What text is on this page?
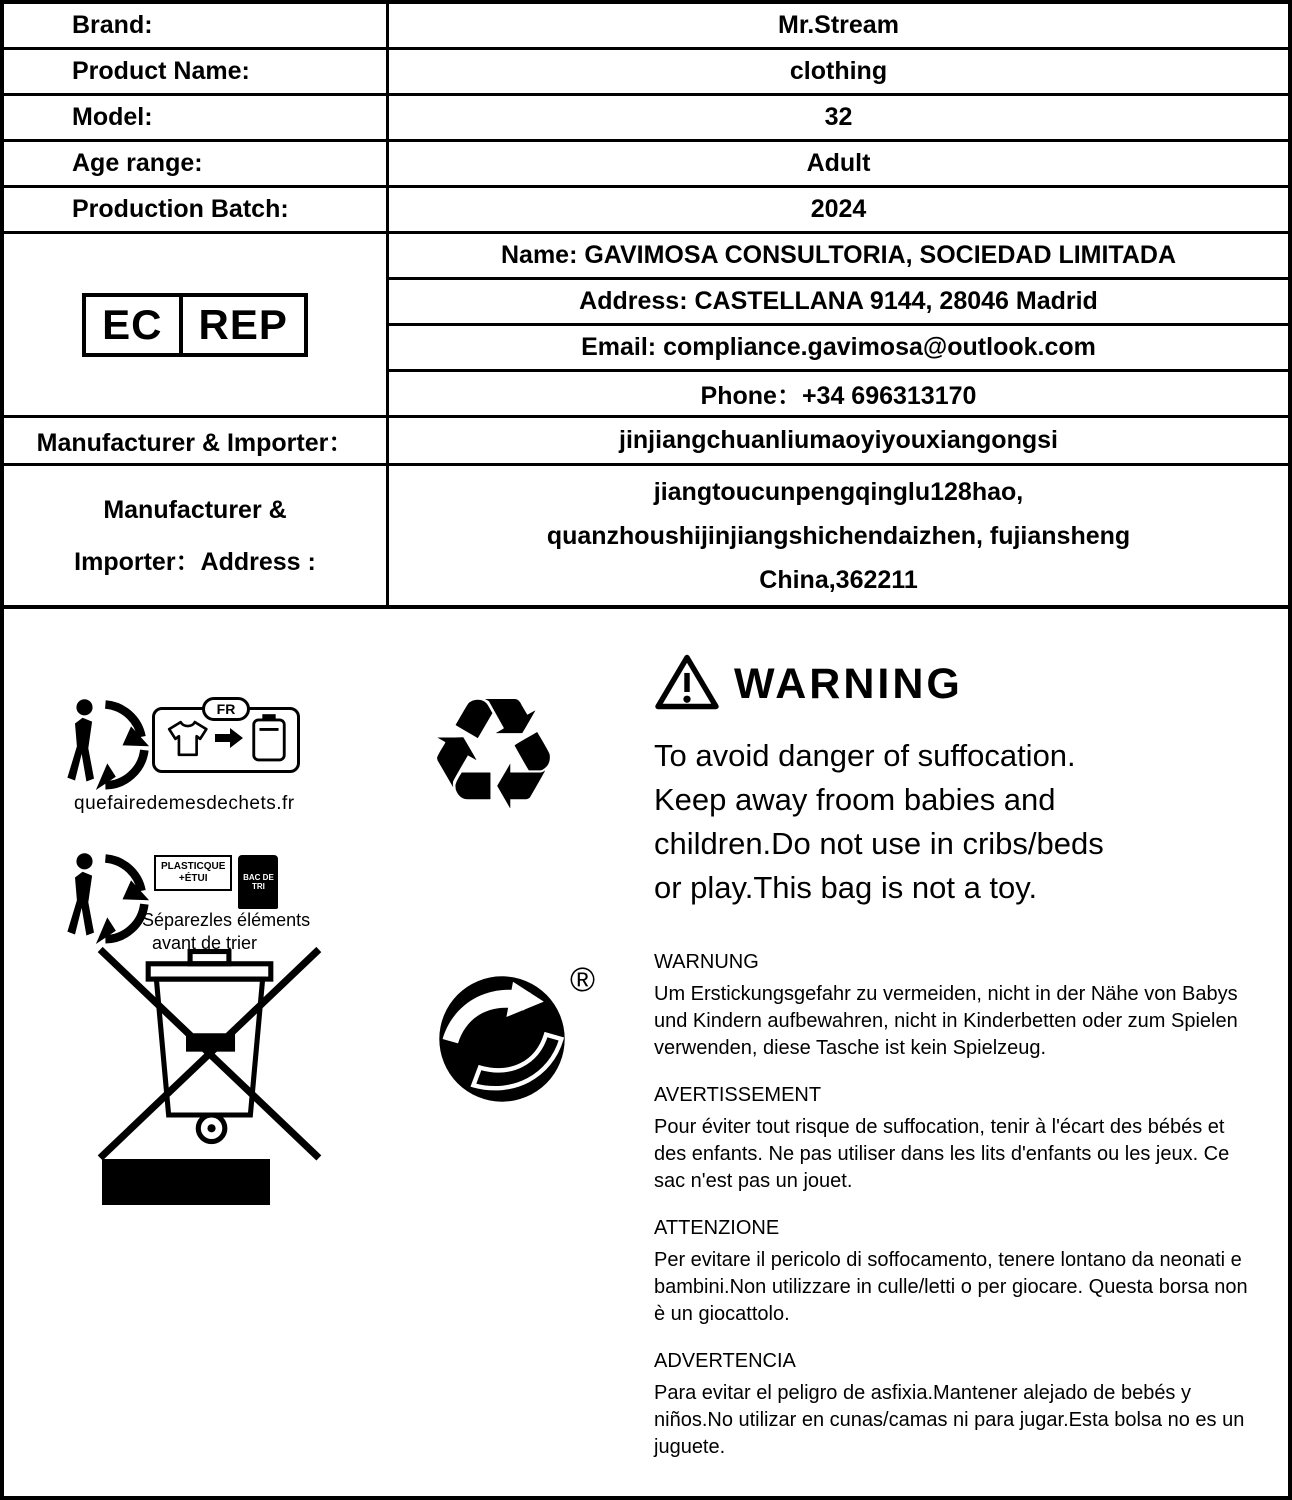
Brand:	Mr.Stream
Product Name:	clothing
Model:	32
Age range:	Adult
Production Batch:	2024
EC REP
Name: GAVIMOSA CONSULTORIA, SOCIEDAD LIMITADA
Address: CASTELLANA 9144, 28046 Madrid
Email: compliance.gavimosa@outlook.com
Phone：+34 696313170
Manufacturer & Importer：	jinjiangchuanliumaoyiyouxiangongsi
Manufacturer &
Importer：Address :
jiangtoucunpengqinglu128hao,
quanzhoushijinjiangshichendaizhen, fujiansheng
China,362211
FR
quefairedemesdechets.fr
PLASTICQUE
+ÉTUI	BAC DE TRI
Séparezles éléments
avant de trier
♻
®
WARNING
To avoid danger of suffocation.
Keep away froom babies and
children.Do not use in cribs/beds
or play.This bag is not a toy.
WARNUNG
Um Erstickungsgefahr zu vermeiden, nicht in der Nähe von Babys und Kindern aufbewahren, nicht in Kinderbetten oder zum Spielen verwenden, diese Tasche ist kein Spielzeug.
AVERTISSEMENT
Pour éviter tout risque de suffocation, tenir à l'écart des bébés et des enfants. Ne pas utiliser dans les lits d'enfants ou les jeux. Ce sac n'est pas un jouet.
ATTENZIONE
Per evitare il pericolo di soffocamento, tenere lontano da neonati e bambini.Non utilizzare in culle/letti o per giocare. Questa borsa non è un giocattolo.
ADVERTENCIA
Para evitar el peligro de asfixia.Mantener alejado de bebés y niños.No utilizar en cunas/camas ni para jugar.Esta bolsa no es un juguete.
